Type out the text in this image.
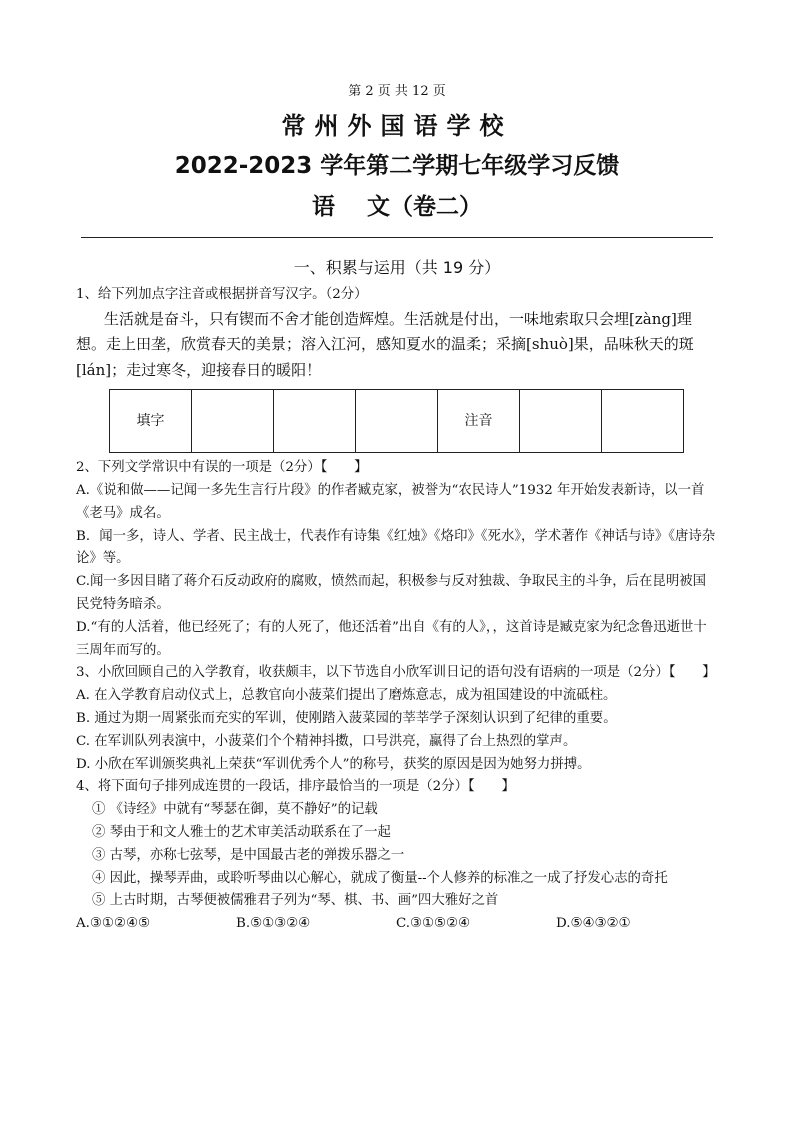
第 2 页 共 12 页
常州外国语学校
2022-2023 学年第二学期七年级学习反馈
语 文（卷二）
一、积累与运用（共 19 分）

1、给下列加点字注音或根据拼音写汉字。（2分）

生活就是奋斗，只有锲而不舍才能创造辉煌。生活就是付出，一味地索取只会埋[zàng]理想。走上田垄，欣赏春天的美景；溶入江河，感知夏水的温柔；采摘[shuò]果，品味秋天的斑[lán]；走过寒冬，迎接春日的暖阳！

填字				注音		

2、下列文学常识中有误的一项是（2分）【　　】

A.《说和做——记闻一多先生言行片段》的作者臧克家，被誉为“农民诗人”1932 年开始发表新诗，以一首《老马》成名。

B．闻一多，诗人、学者、民主战士，代表作有诗集《红烛》《烙印》《死水》，学术著作《神话与诗》《唐诗杂论》等。

C.闻一多因目睹了蒋介石反动政府的腐败，愤然而起，积极参与反对独裁、争取民主的斗争，后在昆明被国民党特务暗杀。

D.“有的人活着，他已经死了；有的人死了，他还活着”出自《有的人》，，这首诗是臧克家为纪念鲁迅逝世十三周年而写的。

3、小欣回顾自己的入学教育，收获颇丰，以下节选自小欣军训日记的语句没有语病的一项是（2分）【　　】

A. 在入学教育启动仪式上，总教官向小菠菜们提出了磨炼意志，成为祖国建设的中流砥柱。

B. 通过为期一周紧张而充实的军训，使刚踏入菠菜园的莘莘学子深刻认识到了纪律的重要。

C. 在军训队列表演中，小菠菜们个个精神抖擞，口号洪亮，赢得了台上热烈的掌声。

D. 小欣在军训颁奖典礼上荣获“军训优秀个人”的称号，获奖的原因是因为她努力拼搏。

4、将下面句子排列成连贯的一段话，排序最恰当的一项是（2分）【　　】

① 《诗经》中就有“琴瑟在御，莫不静好”的记载

② 琴由于和文人雅士的艺术审美活动联系在了一起

③ 古琴，亦称七弦琴，是中国最古老的弹拨乐器之一

④ 因此，操琴弄曲，或聆听琴曲以心解心，就成了衡量--个人修养的标准之一成了抒发心志的奇托

⑤ 上古时期，古琴便被儒雅君子列为“琴、棋、书、画”四大雅好之首

A.③①②④⑤	B.⑤①③②④	C.③①⑤②④	D.⑤④③②①
